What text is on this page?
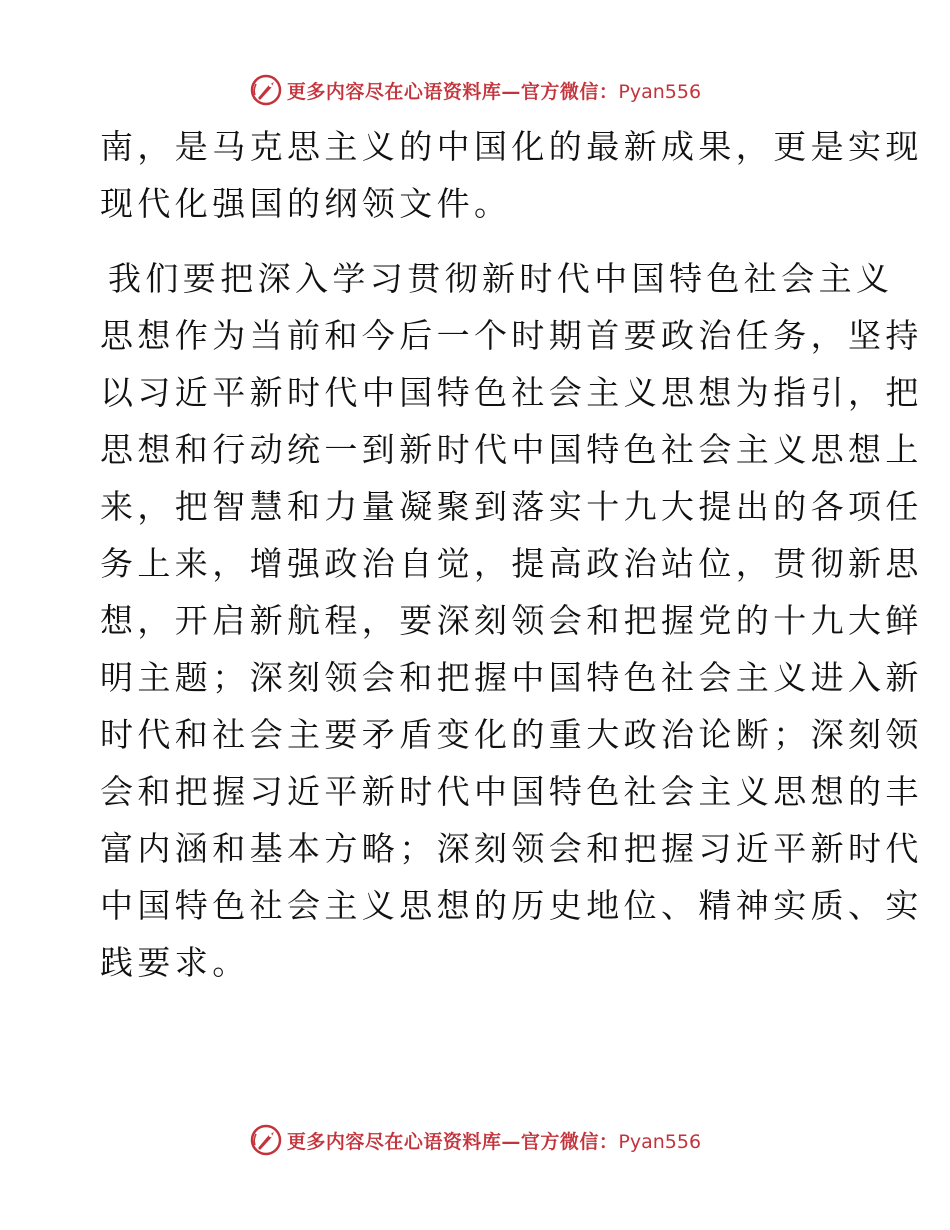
更多内容尽在心语资料库—官方微信：Pyan556
南，是马克思主义的中国化的最新成果，更是实现
现代化强国的纲领文件。
我们要把深入学习贯彻新时代中国特色社会主义
思想作为当前和今后一个时期首要政治任务，坚持
以习近平新时代中国特色社会主义思想为指引，把
思想和行动统一到新时代中国特色社会主义思想上
来，把智慧和力量凝聚到落实十九大提出的各项任
务上来，增强政治自觉，提高政治站位，贯彻新思
想，开启新航程，要深刻领会和把握党的十九大鲜
明主题；深刻领会和把握中国特色社会主义进入新
时代和社会主要矛盾变化的重大政治论断；深刻领
会和把握习近平新时代中国特色社会主义思想的丰
富内涵和基本方略；深刻领会和把握习近平新时代
中国特色社会主义思想的历史地位、精神实质、实
践要求。
更多内容尽在心语资料库—官方微信：Pyan556
